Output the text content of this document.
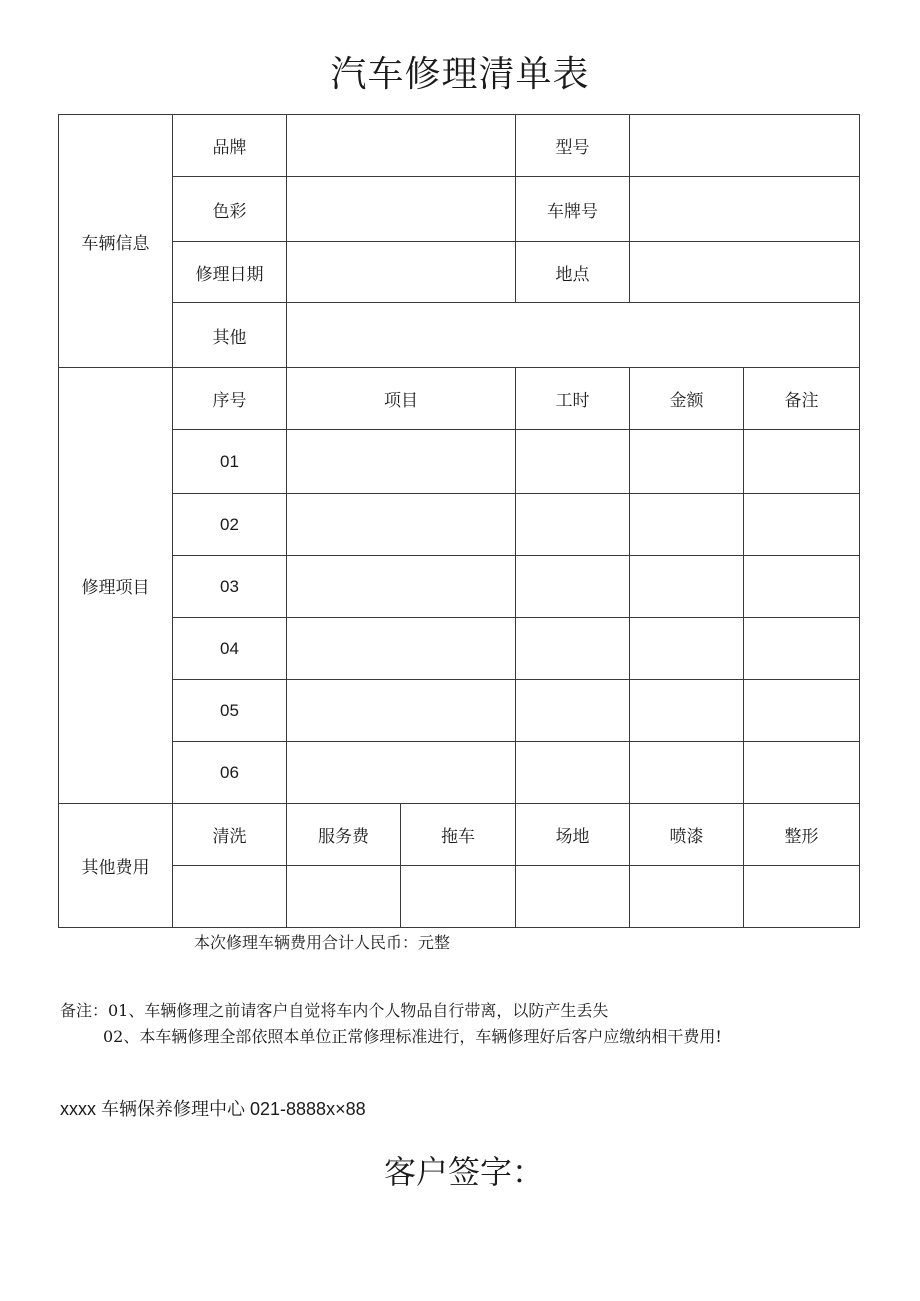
汽车修理清单表
车辆信息	品牌			型号		
	色彩			车牌号		
	修理日期			地点		
	其他					
修理项目	序号	项目		工时	金额	备注
	01					
	02					
	03					
	04					
	05					
	06					
其他费用	清洗	服务费	拖车	场地	喷漆	整形

本次修理车辆费用合计人民币：元整
备注：01、车辆修理之前请客户自觉将车内个人物品自行带离，以防产生丢失
02、本车辆修理全部依照本单位正常修理标准进行，车辆修理好后客户应缴纳相干费用!
xxxx 车辆保养修理中心 021-8888x×88
客户签字：
